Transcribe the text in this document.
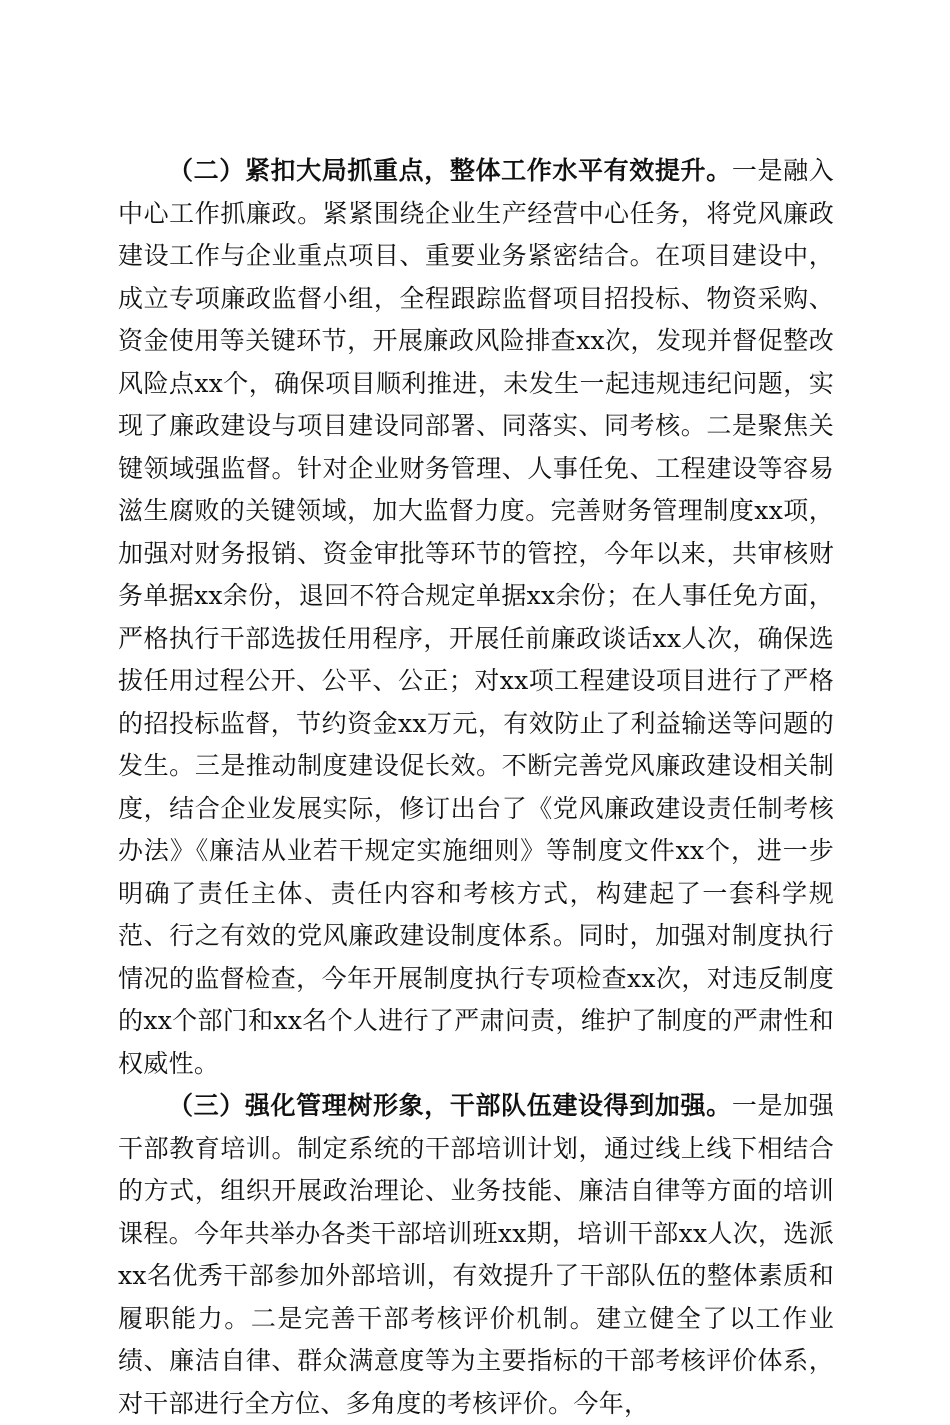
（二）紧扣大局抓重点，整体工作水平有效提升。一是融入中心工作抓廉政。紧紧围绕企业生产经营中心任务，将党风廉政建设工作与企业重点项目、重要业务紧密结合。在项目建设中，成立专项廉政监督小组，全程跟踪监督项目招投标、物资采购、资金使用等关键环节，开展廉政风险排查xx次，发现并督促整改风险点xx个，确保项目顺利推进，未发生一起违规违纪问题，实现了廉政建设与项目建设同部署、同落实、同考核。二是聚焦关键领域强监督。针对企业财务管理、人事任免、工程建设等容易滋生腐败的关键领域，加大监督力度。完善财务管理制度xx项，加强对财务报销、资金审批等环节的管控，今年以来，共审核财务单据xx余份，退回不符合规定单据xx余份；在人事任免方面，严格执行干部选拔任用程序，开展任前廉政谈话xx人次，确保选拔任用过程公开、公平、公正；对xx项工程建设项目进行了严格的招投标监督，节约资金xx万元，有效防止了利益输送等问题的发生。三是推动制度建设促长效。不断完善党风廉政建设相关制度，结合企业发展实际，修订出台了《党风廉政建设责任制考核办法》《廉洁从业若干规定实施细则》等制度文件xx个，进一步明确了责任主体、责任内容和考核方式，构建起了一套科学规范、行之有效的党风廉政建设制度体系。同时，加强对制度执行情况的监督检查，今年开展制度执行专项检查xx次，对违反制度的xx个部门和xx名个人进行了严肃问责，维护了制度的严肃性和权威性。

（三）强化管理树形象，干部队伍建设得到加强。一是加强干部教育培训。制定系统的干部培训计划，通过线上线下相结合的方式，组织开展政治理论、业务技能、廉洁自律等方面的培训课程。今年共举办各类干部培训班xx期，培训干部xx人次，选派xx名优秀干部参加外部培训，有效提升了干部队伍的整体素质和履职能力。二是完善干部考核评价机制。建立健全了以工作业绩、廉洁自律、群众满意度等为主要指标的干部考核评价体系，对干部进行全方位、多角度的考核评价。今年，
